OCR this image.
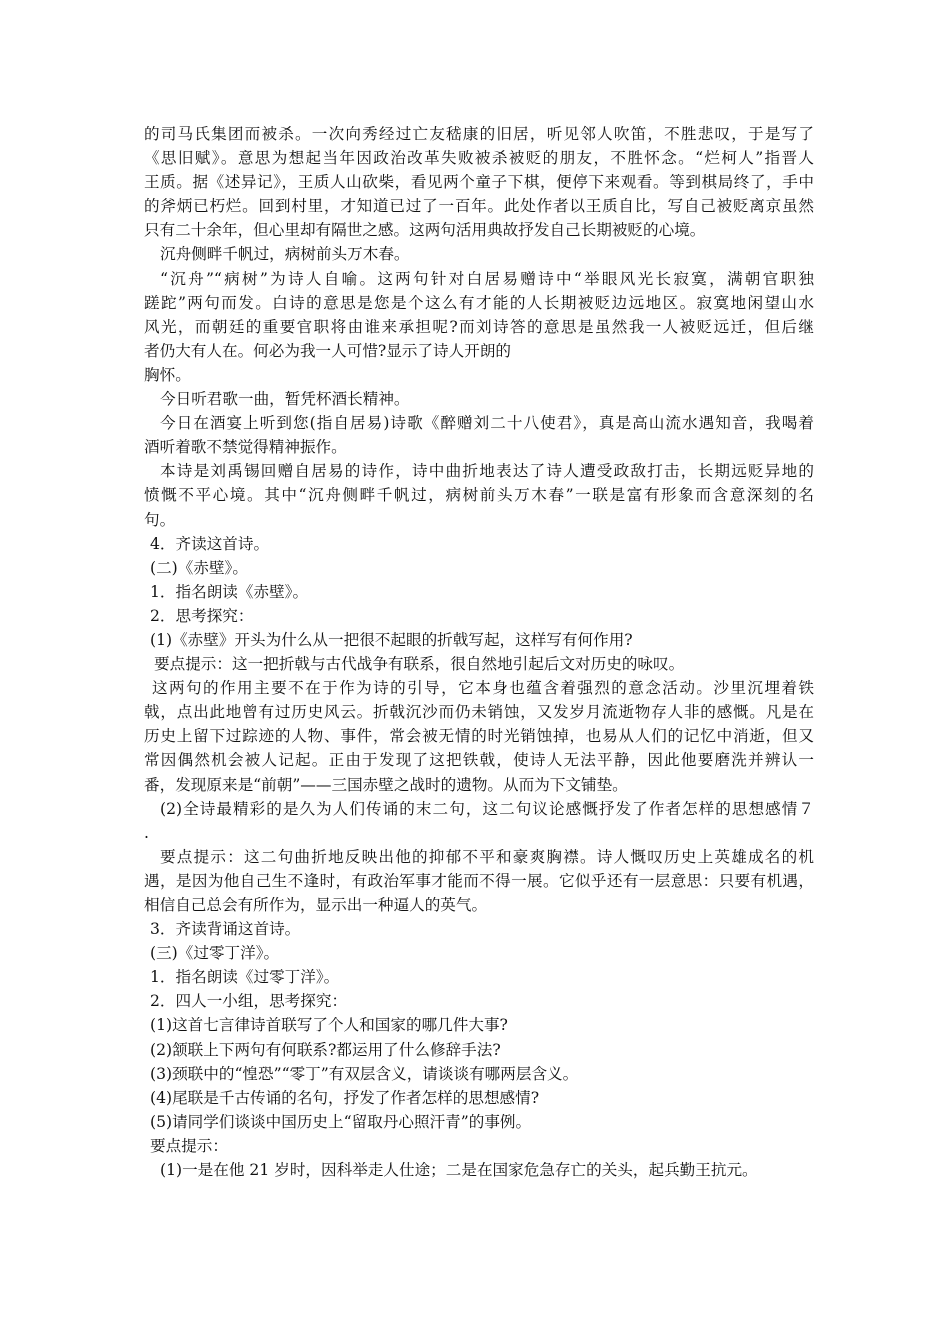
的司马氏集团而被杀。一次向秀经过亡友嵇康的旧居，听见邻人吹笛，不胜悲叹，于是写了
《思旧赋》。意思为想起当年因政治改革失败被杀被贬的朋友，不胜怀念。“烂柯人”指晋人
王质。据《述异记》，王质人山砍柴，看见两个童子下棋，便停下来观看。等到棋局终了，手中
的斧炳已朽烂。回到村里，才知道已过了一百年。此处作者以王质自比，写自己被贬离京虽然
只有二十余年，但心里却有隔世之感。这两句活用典故抒发自己长期被贬的心境。
沉舟侧畔千帆过，病树前头万木春。
“沉舟”“病树”为诗人自喻。这两句针对白居易赠诗中“举眼风光长寂寞，满朝官职独
蹉跎”两句而发。白诗的意思是您是个这么有才能的人长期被贬边远地区。寂寞地闲望山水
风光，而朝廷的重要官职将由谁来承担呢?而刘诗答的意思是虽然我一人被贬远迁，但后继
者仍大有人在。何必为我一人可惜?显示了诗人开朗的
胸怀。
今日听君歌一曲，暂凭杯酒长精神。
今日在酒宴上听到您(指自居易)诗歌《醉赠刘二十八使君》，真是高山流水遇知音，我喝着
酒听着歌不禁觉得精神振作。
本诗是刘禹锡回赠自居易的诗作，诗中曲折地表达了诗人遭受政敌打击，长期远贬异地的
愤慨不平心境。其中“沉舟侧畔千帆过，病树前头万木春”一联是富有形象而含意深刻的名
句。
4．齐读这首诗。
(二)《赤壁》。
1．指名朗读《赤壁》。
2．思考探究：
(1)《赤壁》开头为什么从一把很不起眼的折戟写起，这样写有何作用?
要点提示：这一把折戟与古代战争有联系，很自然地引起后文对历史的咏叹。
这两句的作用主要不在于作为诗的引导，它本身也蕴含着强烈的意念活动。沙里沉埋着铁
戟，点出此地曾有过历史风云。折戟沉沙而仍未销蚀，又发岁月流逝物存人非的感慨。凡是在
历史上留下过踪迹的人物、事件，常会被无情的时光销蚀掉，也易从人们的记忆中消逝，但又
常因偶然机会被人记起。正由于发现了这把铁戟，使诗人无法平静，因此他要磨洗并辨认一
番，发现原来是“前朝”——三国赤壁之战时的遗物。从而为下文铺垫。
(2)全诗最精彩的是久为人们传诵的末二句，这二句议论感慨抒发了作者怎样的思想感情７
.
要点提示：这二句曲折地反映出他的抑郁不平和豪爽胸襟。诗人慨叹历史上英雄成名的机
遇，是因为他自己生不逢时，有政治军事才能而不得一展。它似乎还有一层意思：只要有机遇，
相信自己总会有所作为，显示出一种逼人的英气。
3．齐读背诵这首诗。
(三)《过零丁洋》。
1．指名朗读《过零丁洋》。
2．四人一小组，思考探究：
(1)这首七言律诗首联写了个人和国家的哪几件大事?
(2)颔联上下两句有何联系?都运用了什么修辞手法?
(3)颈联中的“惶恐”“零丁”有双层含义，请谈谈有哪两层含义。
(4)尾联是千古传诵的名句，抒发了作者怎样的思想感情?
(5)请同学们谈谈中国历史上“留取丹心照汗青”的事例。
要点提示：
(1)一是在他 21 岁时，因科举走人仕途；二是在国家危急存亡的关头，起兵勤王抗元。
